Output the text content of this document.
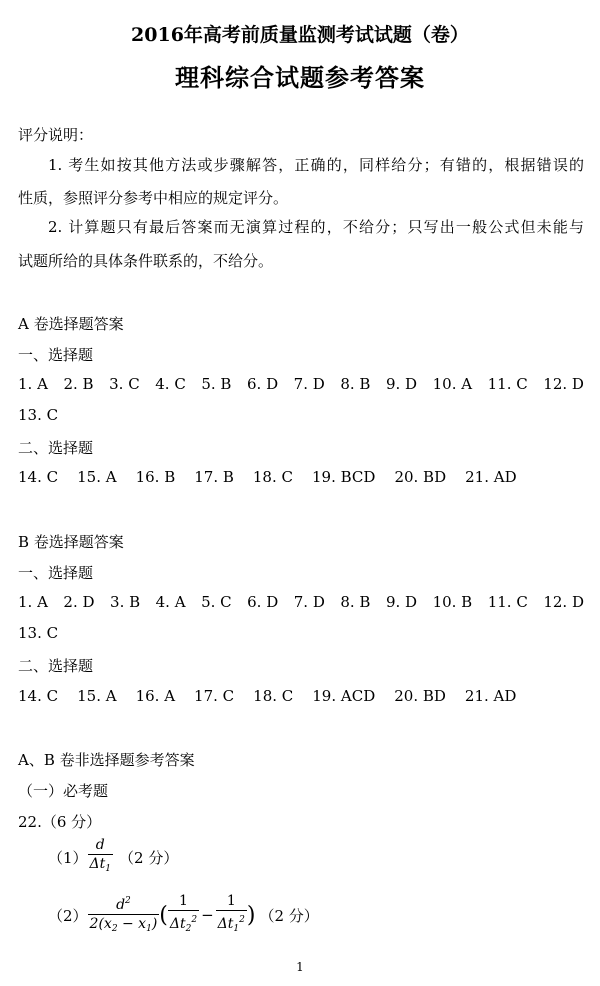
2016年高考前质量监测考试试题（卷）
理科综合试题参考答案
评分说明：
1. 考生如按其他方法或步骤解答，正确的，同样给分；有错的，根据错误的
性质，参照评分参考中相应的规定评分。
2. 计算题只有最后答案而无演算过程的，不给分；只写出一般公式但未能与
试题所给的具体条件联系的，不给分。
A 卷选择题答案
一、选择题
1. A 2. B 3. C 4. C 5. B 6. D 7. D 8. B 9. D 10. A 11. C 12. D
13. C
二、选择题
14. C 15. A 16. B 17. B 18. C 19. BCD 20. BD 21. AD
B 卷选择题答案
一、选择题
1. A 2. D 3. B 4. A 5. C 6. D 7. D 8. B 9. D 10. B 11. C 12. D
13. C
二、选择题
14. C 15. A 16. A 17. C 18. C 19. ACD 20. BD 21. AD
A、B 卷非选择题参考答案
（一）必考题
22.（6 分）
$(1) \frac{d}{\Delta t_1} (2$ 分）
$(2) \frac{d^2}{2(x_2 - x_1)}$ ( $\frac{1}{\Delta t_2^2} - \frac{1}{\Delta t_1^2}$ ) （2 分）
1
